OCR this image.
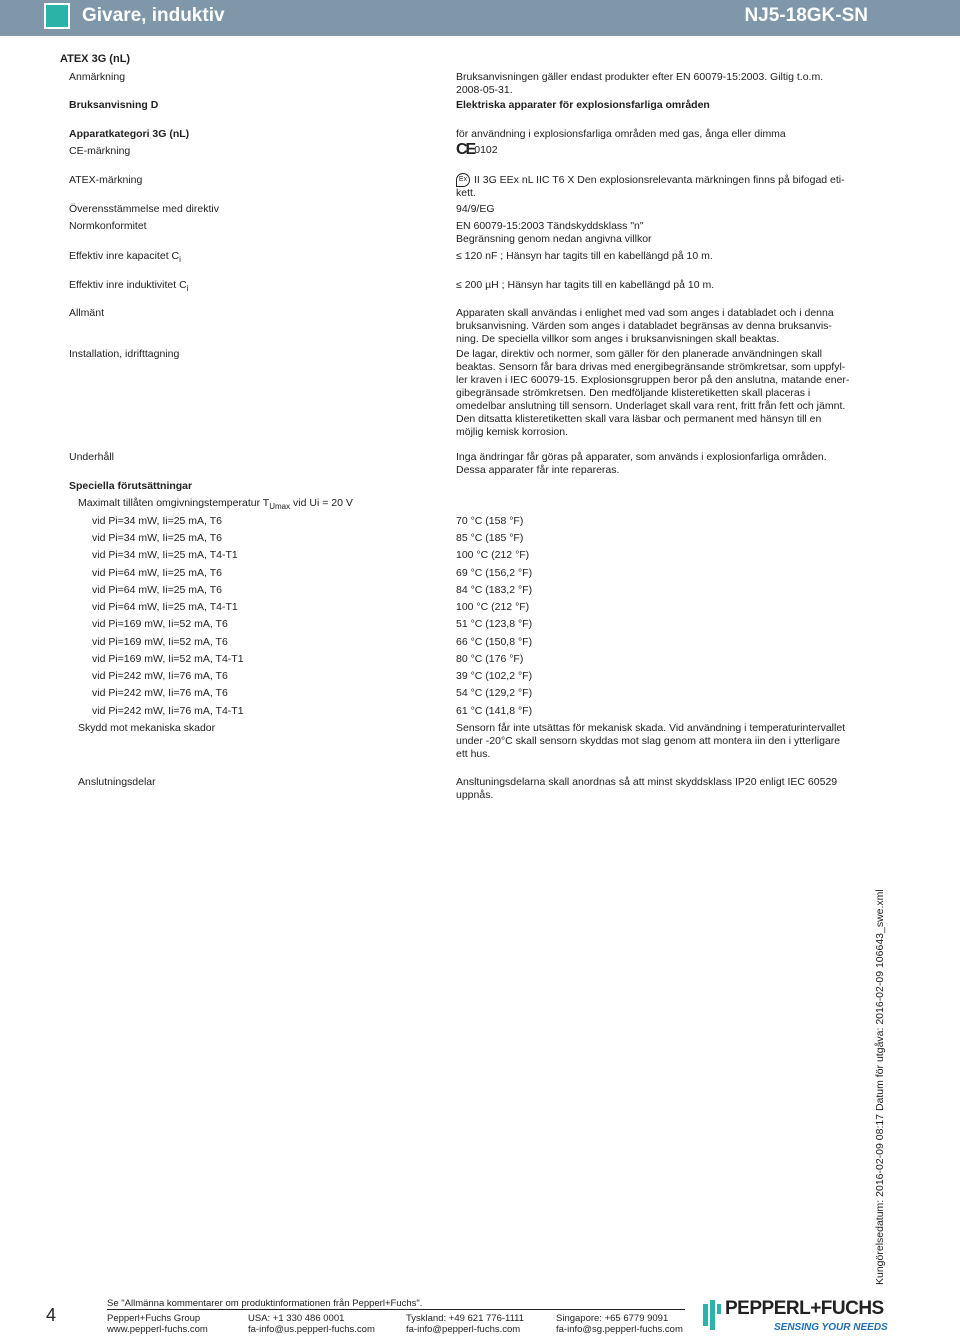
Givare, induktiv	NJ5-18GK-SN
ATEX 3G (nL)
Anmärkning	Bruksanvisningen gäller endast produkter efter EN 60079-15:2003. Giltig t.o.m. 2008-05-31.
Bruksanvisning D	Elektriska apparater för explosionsfarliga områden
Apparatkategori 3G (nL)	för användning i explosionsfarliga områden med gas, ånga eller dimma
CE-märkning	CE0102
ATEX-märkning	Ex II 3G EEx nL IIC T6 X Den explosionsrelevanta märkningen finns på bifogad eti- kett.
Överensstämmelse med direktiv	94/9/EG
Normkonformitet	EN 60079-15:2003 Tändskyddsklass "n" Begränsning genom nedan angivna villkor
Effektiv inre kapacitet $C_i$	≤ 120 nF ; Hänsyn har tagits till en kabellängd på 10 m.
Effektiv inre induktivitet $C_i$	≤ 200 µH ; Hänsyn har tagits till en kabellängd på 10 m.
Allmänt	Apparaten skall användas i enlighet med vad som anges i databladet och i denna bruksanvisning. Värden som anges i databladet begränsas av denna bruksanvis- ning. De speciella villkor som anges i bruksanvisningen skall beaktas.
Installation, idrifttagning	De lagar, direktiv och normer, som gäller för den planerade användningen skall beaktas. Sensorn får bara drivas med energibegränsande strömkretsar, som uppfyl- ler kraven i IEC 60079-15. Explosionsgruppen beror på den anslutna, matande ener- gibegränsade strömkretsen. Den medföljande klisteretiketten skall placeras i omedelbar anslutning till sensorn. Underlaget skall vara rent, fritt från fett och jämnt. Den ditsatta klisteretiketten skall vara läsbar och permanent med hänsyn till en möjlig kemisk korrosion.
Underhåll	Inga ändringar får göras på apparater, som används i explosionfarliga områden. Dessa apparater får inte repareras.
Speciella förutsättningar
Maximalt tillåten omgivningstemperatur $T_{Umax}$ vid Ui = 20 V
vid Pi=34 mW, Ii=25 mA, T6	70 °C (158 °F)
vid Pi=34 mW, Ii=25 mA, T6	85 °C (185 °F)
vid Pi=34 mW, Ii=25 mA, T4-T1	100 °C (212 °F)
vid Pi=64 mW, Ii=25 mA, T6	69 °C (156,2 °F)
vid Pi=64 mW, Ii=25 mA, T6	84 °C (183,2 °F)
vid Pi=64 mW, Ii=25 mA, T4-T1	100 °C (212 °F)
vid Pi=169 mW, Ii=52 mA, T6	51 °C (123,8 °F)
vid Pi=169 mW, Ii=52 mA, T6	66 °C (150,8 °F)
vid Pi=169 mW, Ii=52 mA, T4-T1	80 °C (176 °F)
vid Pi=242 mW, Ii=76 mA, T6	39 °C (102,2 °F)
vid Pi=242 mW, Ii=76 mA, T6	54 °C (129,2 °F)
vid Pi=242 mW, Ii=76 mA, T4-T1	61 °C (141,8 °F)
Skydd mot mekaniska skador	Sensorn får inte utsättas för mekanisk skada. Vid användning i temperaturintervallet under -20°C skall sensorn skyddas mot slag genom att montera iin den i ytterligare ett hus.
Anslutningsdelar	Ansltuningsdelarna skall anordnas så att minst skyddsklass IP20 enligt IEC 60529 uppnås.
Kungörelsedatum: 2016-02-09 08:17 Datum för utgåva: 2016-02-09 106643_swe.xml
4
Se "Allmänna kommentarer om produktinformationen från Pepperl+Fuchs".
Pepperl+Fuchs Group
www.pepperl-fuchs.com
USA: +1 330 486 0001
fa-info@us.pepperl-fuchs.com
Tyskland: +49 621 776-1111
fa-info@pepperl-fuchs.com
Singapore: +65 6779 9091
fa-info@sg.pepperl-fuchs.com
PEPPERL+FUCHS
SENSING YOUR NEEDS
